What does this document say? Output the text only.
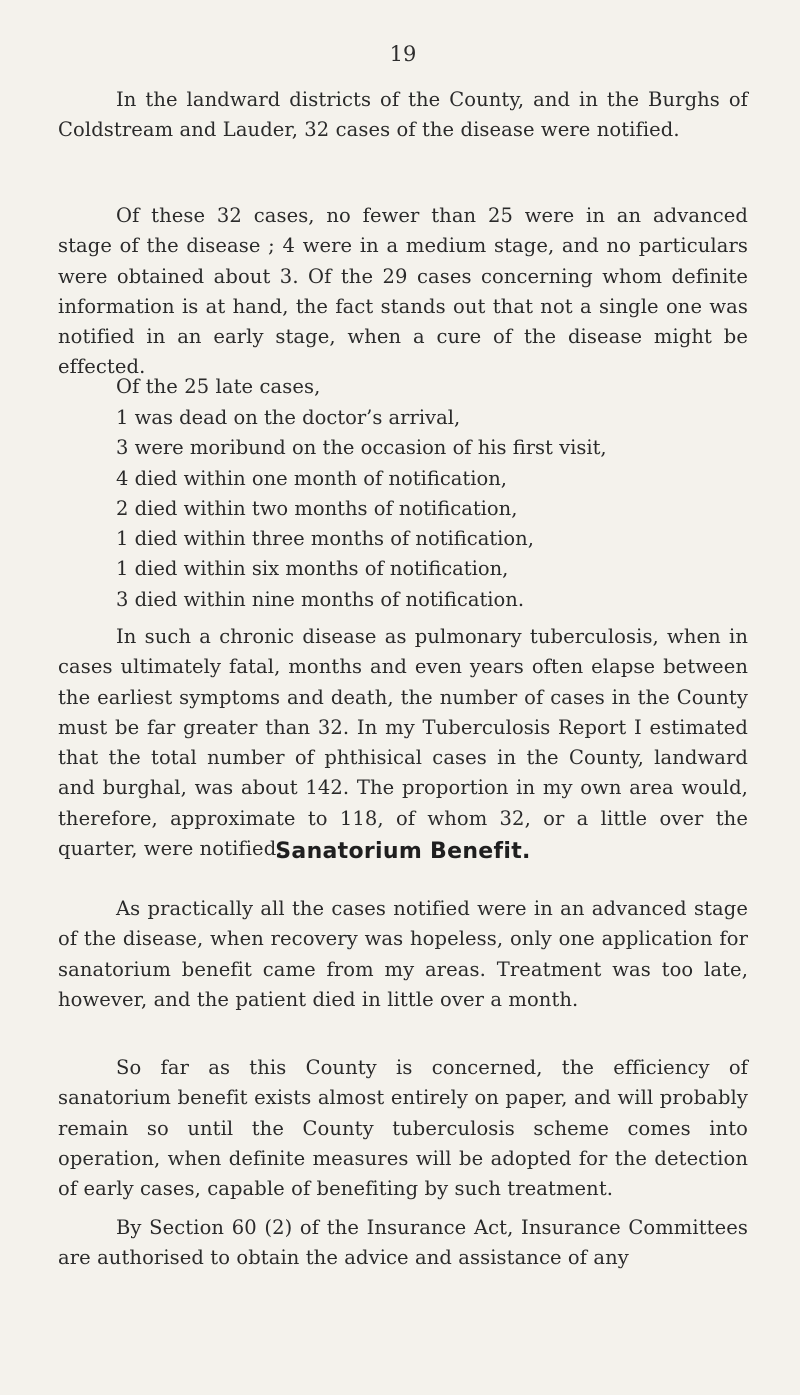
19

In the landward districts of the County, and in the Burghs of Coldstream and Lauder, 32 cases of the disease were notified.

Of these 32 cases, no fewer than 25 were in an advanced stage of the disease ; 4 were in a medium stage, and no particulars were obtained about 3. Of the 29 cases concerning whom definite information is at hand, the fact stands out that not a single one was notified in an early stage, when a cure of the disease might be effected.

Of the 25 late cases,

1 was dead on the doctor’s arrival,
3 were moribund on the occasion of his first visit,
4 died within one month of notification,
2 died within two months of notification,
1 died within three months of notification,
1 died within six months of notification,
3 died within nine months of notification.

In such a chronic disease as pulmonary tuberculosis, when in cases ultimately fatal, months and even years often elapse between the earliest symptoms and death, the number of cases in the County must be far greater than 32. In my Tuberculosis Report I estimated that the total number of phthisical cases in the County, landward and burghal, was about 142. The proportion in my own area would, therefore, approximate to 118, of whom 32, or a little over the quarter, were notified.

Sanatorium Benefit.

As practically all the cases notified were in an advanced stage of the disease, when recovery was hopeless, only one application for sanatorium benefit came from my areas. Treatment was too late, however, and the patient died in little over a month.

So far as this County is concerned, the efficiency of sanatorium benefit exists almost entirely on paper, and will probably remain so until the County tuberculosis scheme comes into operation, when definite measures will be adopted for the detection of early cases, capable of benefiting by such treatment.

By Section 60 (2) of the Insurance Act, Insurance Committees are authorised to obtain the advice and assistance of any
